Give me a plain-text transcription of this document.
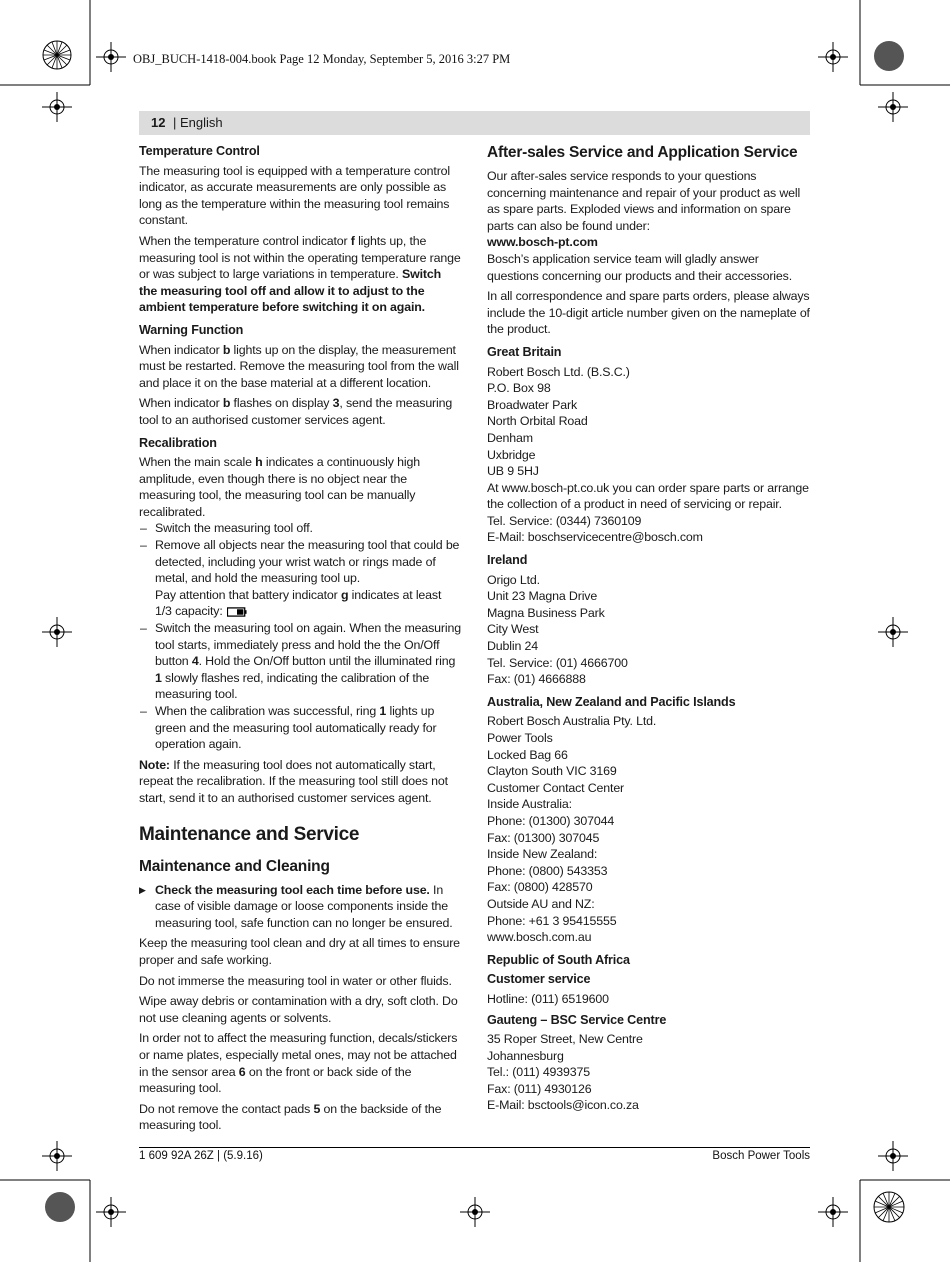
OBJ_BUCH-1418-004.book Page 12 Monday, September 5, 2016 3:27 PM
12 | English
Temperature Control

The measuring tool is equipped with a temperature control indicator, as accurate measurements are only possible as long as the temperature within the measuring tool remains constant.

When the temperature control indicator f lights up, the measuring tool is not within the operating temperature range or was subject to large variations in temperature. Switch the measuring tool off and allow it to adjust to the ambient temperature before switching it on again.

Warning Function

When indicator b lights up on the display, the measurement must be restarted. Remove the measuring tool from the wall and place it on the base material at a different location.

When indicator b flashes on display 3, send the measuring tool to an authorised customer services agent.

Recalibration

When the main scale h indicates a continuously high amplitude, even though there is no object near the measuring tool, the measuring tool can be manually recalibrated.

– Switch the measuring tool off.
– Remove all objects near the measuring tool that could be detected, including your wrist watch or rings made of metal, and hold the measuring tool up.
Pay attention that battery indicator g indicates at least 1/3 capacity:
– Switch the measuring tool on again. When the measuring tool starts, immediately press and hold the the On/Off button 4. Hold the On/Off button until the illuminated ring 1 slowly flashes red, indicating the calibration of the measuring tool.
– When the calibration was successful, ring 1 lights up green and the measuring tool automatically ready for operation again.

Note: If the measuring tool does not automatically start, repeat the recalibration. If the measuring tool still does not start, send it to an authorised customer services agent.

Maintenance and Service
Maintenance and Cleaning
▶ Check the measuring tool each time before use. In case of visible damage or loose components inside the measuring tool, safe function can no longer be ensured.

Keep the measuring tool clean and dry at all times to ensure proper and safe working.

Do not immerse the measuring tool in water or other fluids.

Wipe away debris or contamination with a dry, soft cloth. Do not use cleaning agents or solvents.

In order not to affect the measuring function, decals/stickers or name plates, especially metal ones, may not be attached in the sensor area 6 on the front or back side of the measuring tool.

Do not remove the contact pads 5 on the backside of the measuring tool.

After-sales Service and Application Service

Our after-sales service responds to your questions concerning maintenance and repair of your product as well as spare parts. Exploded views and information on spare parts can also be found under:

www.bosch-pt.com

Bosch’s application service team will gladly answer questions concerning our products and their accessories.

In all correspondence and spare parts orders, please always include the 10-digit article number given on the nameplate of the product.

Great Britain

Robert Bosch Ltd. (B.S.C.)
P.O. Box 98
Broadwater Park
North Orbital Road
Denham
Uxbridge
UB 9 5HJ
At www.bosch-pt.co.uk you can order spare parts or arrange the collection of a product in need of servicing or repair.
Tel. Service: (0344) 7360109
E-Mail: boschservicecentre@bosch.com

Ireland

Origo Ltd.
Unit 23 Magna Drive
Magna Business Park
City West
Dublin 24
Tel. Service: (01) 4666700
Fax: (01) 4666888

Australia, New Zealand and Pacific Islands

Robert Bosch Australia Pty. Ltd.
Power Tools
Locked Bag 66
Clayton South VIC 3169
Customer Contact Center
Inside Australia:
Phone: (01300) 307044
Fax: (01300) 307045
Inside New Zealand:
Phone: (0800) 543353
Fax: (0800) 428570
Outside AU and NZ:
Phone: +61 3 95415555
www.bosch.com.au

Republic of South Africa
Customer service

Hotline: (011) 6519600

Gauteng – BSC Service Centre

35 Roper Street, New Centre
Johannesburg
Tel.: (011) 4939375
Fax: (011) 4930126
E-Mail: bsctools@icon.co.za

1 609 92A 26Z | (5.9.16)	Bosch Power Tools
